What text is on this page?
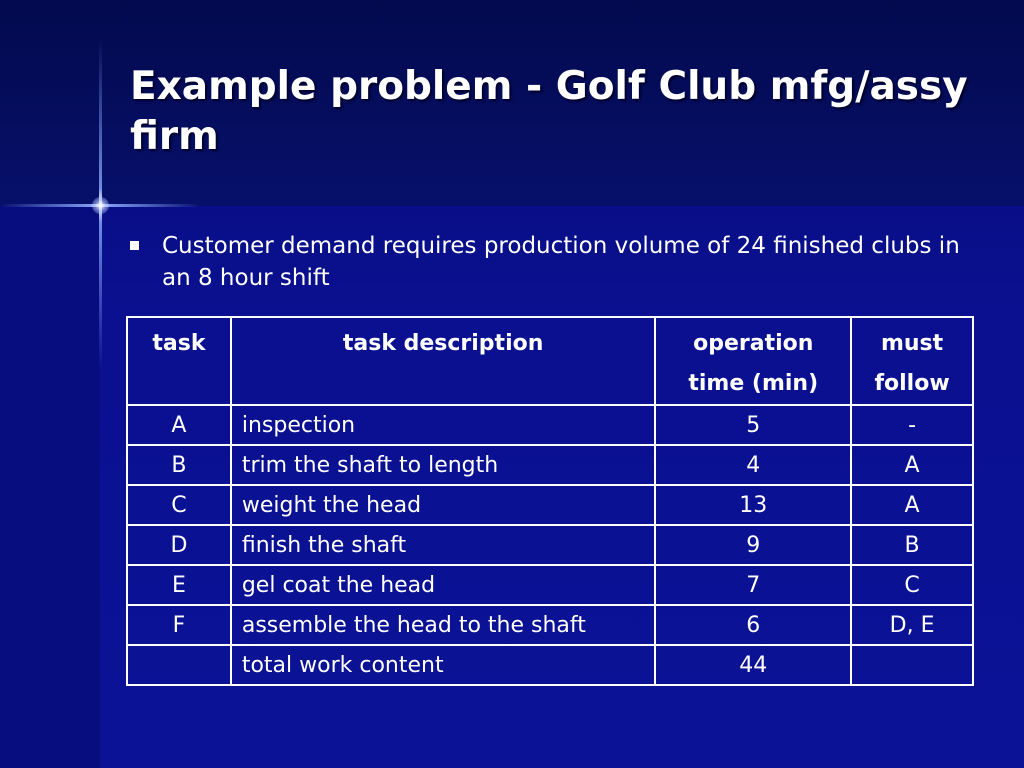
Example problem - Golf Club mfg/assy firm
Customer demand requires production volume of 24 finished clubs in an 8 hour shift
task	task description	operation time (min)	must follow
A	inspection	5	-
B	trim the shaft to length	4	A
C	weight the head	13	A
D	finish the shaft	9	B
E	gel coat the head	7	C
F	assemble the head to the shaft	6	D, E
	total work content	44	
